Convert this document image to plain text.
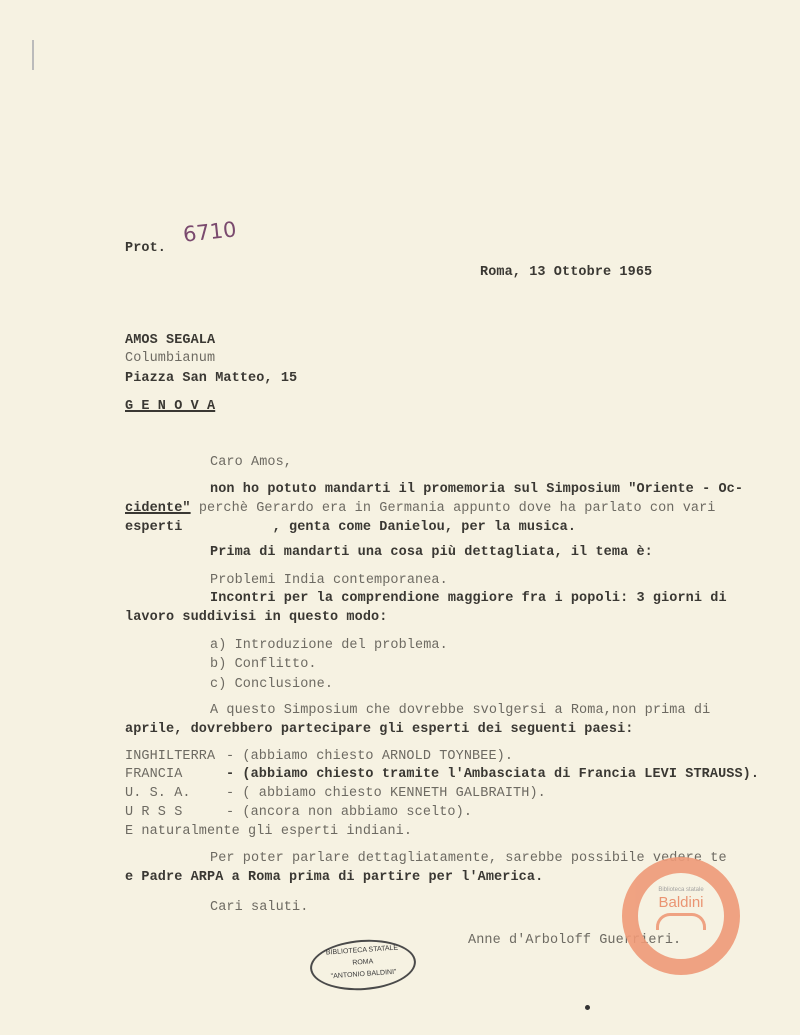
Prot.
6710
Roma, 13 Ottobre 1965
AMOS SEGALA
Columbianum
Piazza San Matteo, 15
G E N O V A
Caro Amos,
non ho potuto mandarti il promemoria sul Simposium "Oriente - Oc-
cidente" perchè Gerardo era in Germania appunto dove ha parlato con vari
esperti           , genta come Danielou, per la musica.
Prima di mandarti una cosa più dettagliata, il tema è:
Problemi India contemporanea.
Incontri per la comprendione maggiore fra i popoli: 3 giorni di
lavoro suddivisi in questo modo:
a) Introduzione del problema.
b) Conflitto.
c) Conclusione.
A questo Simposium che dovrebbe svolgersi a Roma,non prima di
aprile, dovrebbero partecipare gli esperti dei seguenti paesi:
INGHILTERRA - (abbiamo chiesto ARNOLD TOYNBEE).
FRANCIA	- (abbiamo chiesto tramite l'Ambasciata di Francia LEVI STRAUSS).
U. S. A.	- ( abbiamo chiesto KENNETH GALBRAITH).
U R S S	- (ancora non abbiamo scelto).
E naturalmente gli esperti indiani.
Per poter parlare dettagliatamente, sarebbe possibile vedere te
e Padre ARPA a Roma prima di partire per l'America.
Cari saluti.
Anne d'Arboloff Guerrieri.
BIBLIOTECA STATALE
ROMA
"ANTONIO BALDINI"
Biblioteca statale
Baldini
